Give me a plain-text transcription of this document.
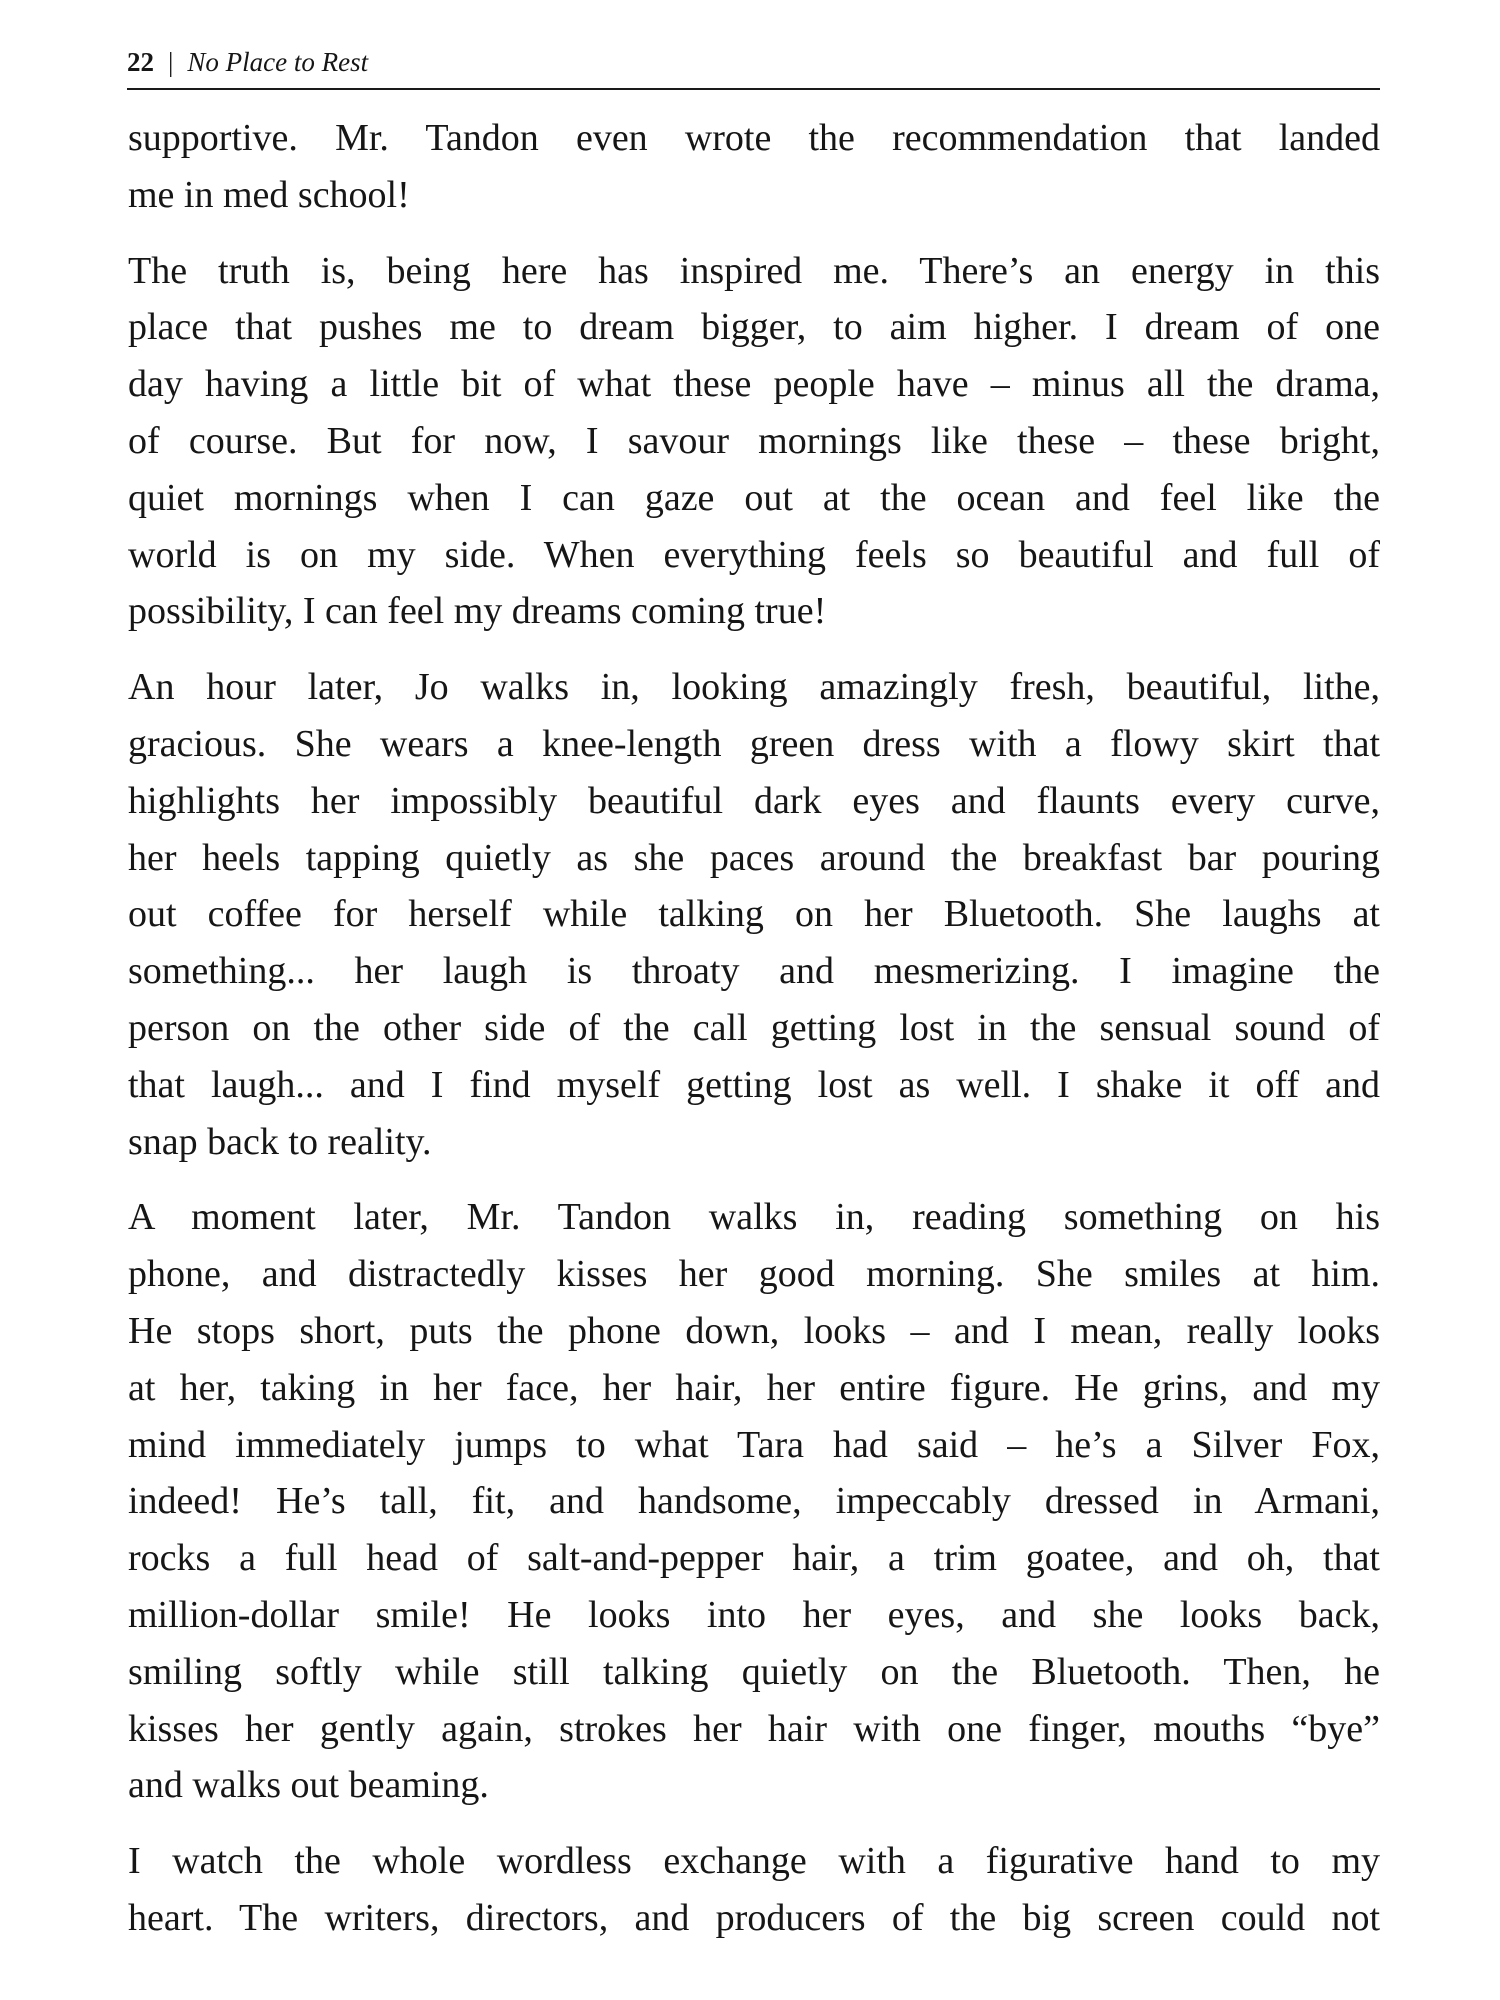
22 | No Place to Rest
supportive. Mr. Tandon even wrote the recommendation that landed
me in med school!
The truth is, being here has inspired me. There’s an energy in this
place that pushes me to dream bigger, to aim higher. I dream of one
day having a little bit of what these people have – minus all the drama,
of course. But for now, I savour mornings like these – these bright,
quiet mornings when I can gaze out at the ocean and feel like the
world is on my side. When everything feels so beautiful and full of
possibility, I can feel my dreams coming true!
An hour later, Jo walks in, looking amazingly fresh, beautiful, lithe,
gracious. She wears a knee-length green dress with a flowy skirt that
highlights her impossibly beautiful dark eyes and flaunts every curve,
her heels tapping quietly as she paces around the breakfast bar pouring
out coffee for herself while talking on her Bluetooth. She laughs at
something... her laugh is throaty and mesmerizing. I imagine the
person on the other side of the call getting lost in the sensual sound of
that laugh... and I find myself getting lost as well. I shake it off and
snap back to reality.
A moment later, Mr. Tandon walks in, reading something on his
phone, and distractedly kisses her good morning. She smiles at him.
He stops short, puts the phone down, looks – and I mean, really looks
at her, taking in her face, her hair, her entire figure. He grins, and my
mind immediately jumps to what Tara had said – he’s a Silver Fox,
indeed! He’s tall, fit, and handsome, impeccably dressed in Armani,
rocks a full head of salt-and-pepper hair, a trim goatee, and oh, that
million-dollar smile! He looks into her eyes, and she looks back,
smiling softly while still talking quietly on the Bluetooth. Then, he
kisses her gently again, strokes her hair with one finger, mouths “bye”
and walks out beaming.
I watch the whole wordless exchange with a figurative hand to my
heart. The writers, directors, and producers of the big screen could not
